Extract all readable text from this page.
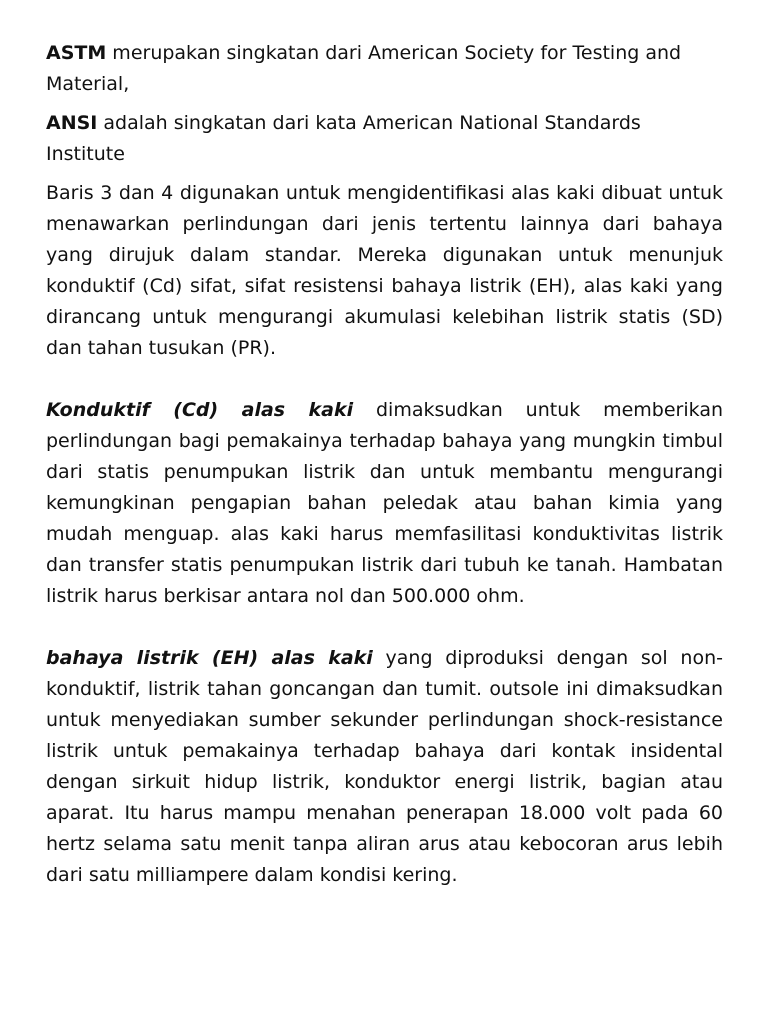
ASTM merupakan singkatan dari American Society for Testing and Material,

ANSI adalah singkatan dari kata American National Standards Institute

Baris 3 dan 4 digunakan untuk mengidentifikasi alas kaki dibuat untuk menawarkan perlindungan dari jenis tertentu lainnya dari bahaya yang dirujuk dalam standar. Mereka digunakan untuk menunjuk konduktif (Cd) sifat, sifat resistensi bahaya listrik (EH), alas kaki yang dirancang untuk mengurangi akumulasi kelebihan listrik statis (SD) dan tahan tusukan (PR).

Konduktif (Cd) alas kaki dimaksudkan untuk memberikan perlindungan bagi pemakainya terhadap bahaya yang mungkin timbul dari statis penumpukan listrik dan untuk membantu mengurangi kemungkinan pengapian bahan peledak atau bahan kimia yang mudah menguap. alas kaki harus memfasilitasi konduktivitas listrik dan transfer statis penumpukan listrik dari tubuh ke tanah. Hambatan listrik harus berkisar antara nol dan 500.000 ohm.

bahaya listrik (EH) alas kaki yang diproduksi dengan sol non-konduktif, listrik tahan goncangan dan tumit. outsole ini dimaksudkan untuk menyediakan sumber sekunder perlindungan shock-resistance listrik untuk pemakainya terhadap bahaya dari kontak insidental dengan sirkuit hidup listrik, konduktor energi listrik, bagian atau aparat. Itu harus mampu menahan penerapan 18.000 volt pada 60 hertz selama satu menit tanpa aliran arus atau kebocoran arus lebih dari satu milliampere dalam kondisi kering.
